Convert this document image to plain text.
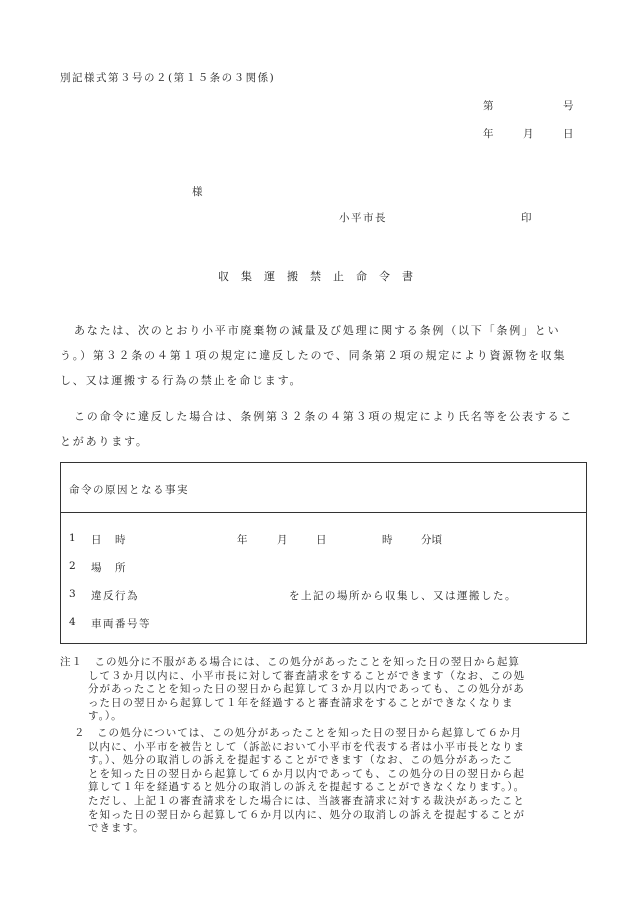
別記様式第３号の２(第１５条の３関係)
第	号
年	月	日
様
小平市長	印
収集運搬禁止命令書
あなたは、次のとおり小平市廃棄物の減量及び処理に関する条例（以下「条例」とい
う。）第３２条の４第１項の規定に違反したので、同条第２項の規定により資源物を収集
し、又は運搬する行為の禁止を命じます。
この命令に違反した場合は、条例第３２条の４第３項の規定により氏名等を公表するこ
とがあります。
命令の原因となる事実
1 日　時	年	月	日	時	分頃
2 場　所
3 違反行為	を上記の場所から収集し、又は運搬した。
4 車両番号等
注１　この処分に不服がある場合には、この処分があったことを知った日の翌日から起算
して３か月以内に、小平市長に対して審査請求をすることができます（なお、この処
分があったことを知った日の翌日から起算して３か月以内であっても、この処分があ
った日の翌日から起算して１年を経過すると審査請求をすることができなくなりま
す。）。
２　この処分については、この処分があったことを知った日の翌日から起算して６か月
以内に、小平市を被告として（訴訟において小平市を代表する者は小平市長となりま
す。）、処分の取消しの訴えを提起することができます（なお、この処分があったこ
とを知った日の翌日から起算して６か月以内であっても、この処分の日の翌日から起
算して１年を経過すると処分の取消しの訴えを提起することができなくなります。）。
ただし、上記１の審査請求をした場合には、当該審査請求に対する裁決があったこと
を知った日の翌日から起算して６か月以内に、処分の取消しの訴えを提起することが
できます。
